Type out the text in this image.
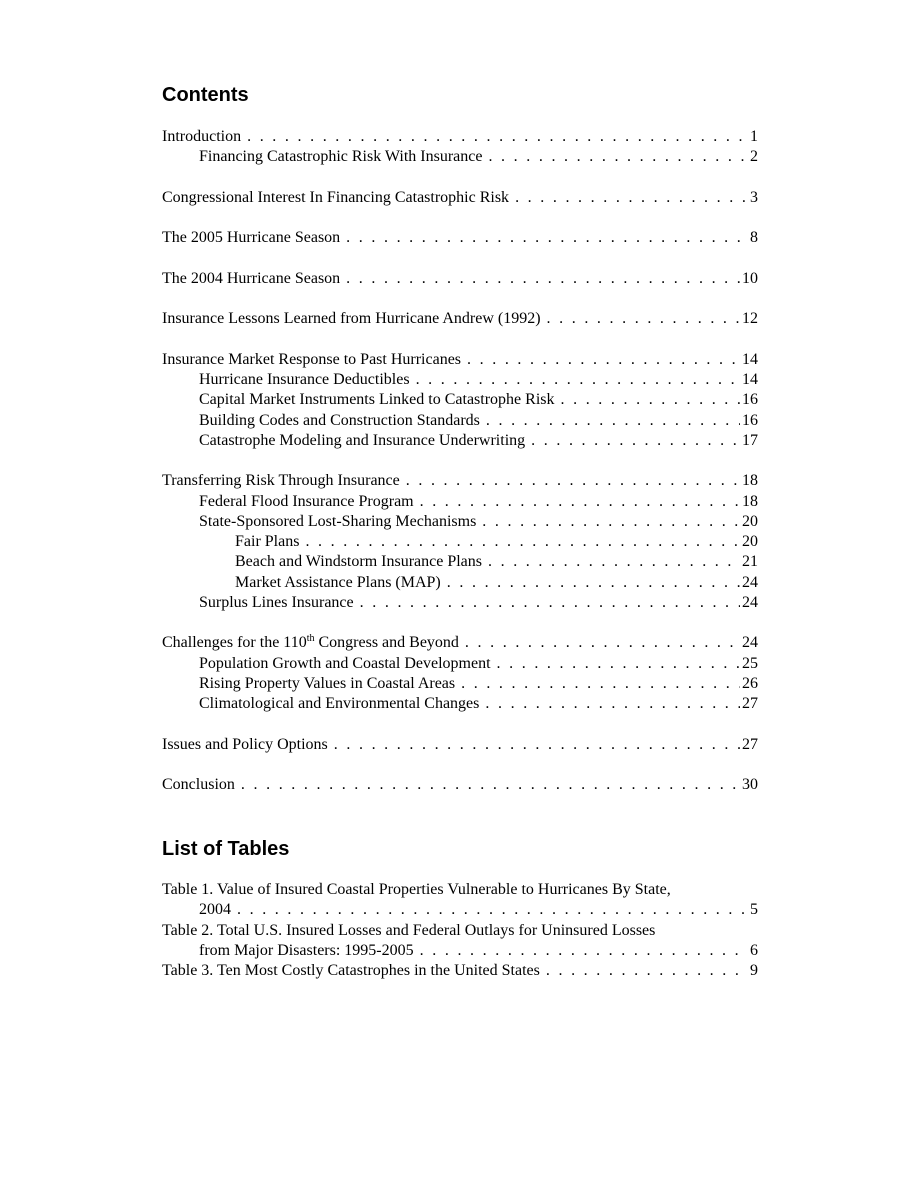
Contents
Introduction . . .	1
Financing Catastrophic Risk With Insurance . . .	2
Congressional Interest In Financing Catastrophic Risk . . .	3
The 2005 Hurricane Season . . .	8
The 2004 Hurricane Season . . .	10
Insurance Lessons Learned from Hurricane Andrew (1992) . . .	12
Insurance Market Response to Past Hurricanes . . .	14
Hurricane Insurance Deductibles . . .	14
Capital Market Instruments Linked to Catastrophe Risk . . .	16
Building Codes and Construction Standards . . .	16
Catastrophe Modeling and Insurance Underwriting . . .	17
Transferring Risk Through Insurance . . .	18
Federal Flood Insurance Program . . .	18
State-Sponsored Lost-Sharing Mechanisms . . .	20
Fair Plans . . .	20
Beach and Windstorm Insurance Plans . . .	21
Market Assistance Plans (MAP) . . .	24
Surplus Lines Insurance . . .	24
Challenges for the 110th Congress and Beyond . . .	24
Population Growth and Coastal Development . . .	25
Rising Property Values in Coastal Areas . . .	26
Climatological and Environmental Changes . . .	27
Issues and Policy Options . . .	27
Conclusion . . .	30
List of Tables
Table 1. Value of Insured Coastal Properties Vulnerable to Hurricanes By State,
2004 . . .	5
Table 2. Total U.S. Insured Losses and Federal Outlays for Uninsured Losses
from Major Disasters: 1995-2005 . . .	6
Table 3. Ten Most Costly Catastrophes in the United States . . .	9
